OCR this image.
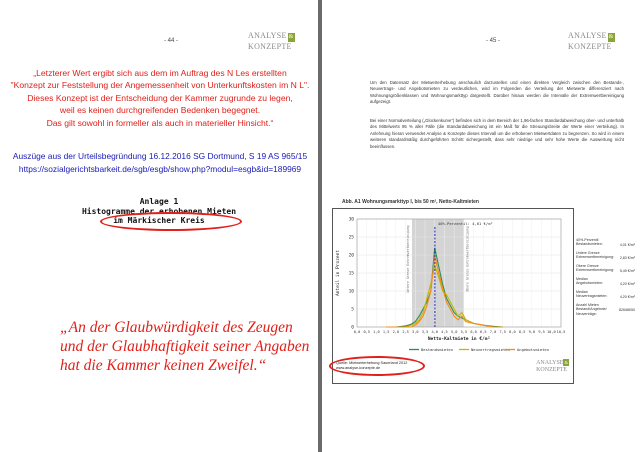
- 44 -
ANALYSE &
KONZEPTE
„Letzterer Wert ergibt sich aus dem im Auftrag des N Les erstellten
"Konzept zur Feststellung der Angemessenheit von Unterkunftskosten im N L".
Dieses Konzept ist der Entscheidung der Kammer zugrunde zu legen,
weil es keinen durchgreifenden Bedenken begegnet.
Das gilt sowohl in formeller als auch in materieller Hinsicht.“
Auszüge aus der Urteilsbegründung 16.12.2016 SG Dortmund, S 19 AS 965/15
https://sozialgerichtsbarkeit.de/sgb/esgb/show.php?modul=esgb&id=189969
Anlage 1
Histogramme der erhobenen Mieten
im Märkischer Kreis
„An der Glaubwürdigkeit des Zeugen
und der Glaubhaftigkeit seiner Angaben
hat die Kammer keinen Zweifel.“
- 45 -
ANALYSE &
KONZEPTE
Um den Datensatz der Mietwerterhebung anschaulich darzustellen und einen direkten Vergleich zwischen den Bestands-, Neuvertrags- und Angebotsmieten zu verdeutlichen, wird im Folgenden die Verteilung der Mietwerte differenziert nach Wohnungsgrößenklassen und Wohnungsmarkttyp dargestellt. Darüber hinaus werden die Intervalle der Extremwertbereinigung aufgezeigt.
Bei einer Normalverteilung („Glockenkurve“) befinden sich in dem Bereich der 1,96-fachen Standardabweichung ober- und unterhalb des Mittelwerts 95 % aller Fälle (die Standardabweichung ist ein Maß für die Streuungsbreite der Werte einer Verteilung). In Anlehnung hieran verwendet Analyse & Konzepte dieses Intervall um die erhobenen Mietwertdaten zu begrenzen. So wird in einem weiteren standardmäßig durchgeführten Schritt sichergestellt, dass sehr niedrige und sehr hohe Werte die Auswertung nicht beeinflussen.
Abb. A1 Wohnungsmarkttyp I, bis 50 m², Netto-Kaltmieten
0
5
10
15
20
25
30
0,0 0,5 1,0 1,5 2,0 2,5 3,0 3,5 4,0 4,5 5,0 5,5 6,0 6,5 7,0 7,5 8,0 8,5 9,0 9,5 10,0 10,5
Netto-Kaltmiete in €/m²
Anteil in Prozent	Untere Grenze Extremwertbereinigung	Obere Grenze Extremwertbereinigung
40%-Perzentil: 4,01 €/m²
Bestandsmieten	Neuvertragsmieten Angebotsmieten
Quelle: Mietwerterhebung Sauerland 2012
www.analyse-konzepte.de
ANALYSE&
KONZEPTE
40%-Perzentil Bestandsmieten:	4,01 €/m²
Untere Grenze Extremwertbereinigung: 2,83 €/m²
Obere Grenze Extremwertbereinigung: 5,49 €/m²
Median Angebotsmieten:	4,20 €/m²
Median Neuvertragsmieten:	4,20 €/m²
Anzahl Mieten Bestand/Angebote/ Neuverträge:
826/88/50
